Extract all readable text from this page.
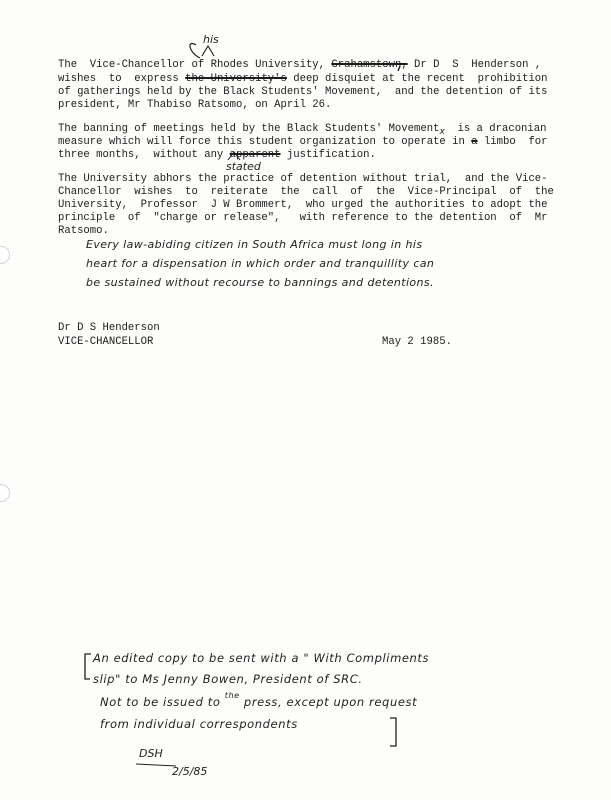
The  Vice-Chancellor of Rhodes University, Grahamstown, Dr D  S  Henderson ,
his
wishes  to  express the University's deep disquiet at the recent  prohibition
of gatherings held by the Black Students' Movement,  and the detention of its
president, Mr Thabiso Ratsomo, on April 26.
The banning of meetings held by the Black Students' Movement$_x$  is a draconian
measure which will force this student organization to operate in a limbo  for
three months,  without any apparent justification.
stated
The University abhors the practice of detention without trial,  and the Vice-
Chancellor  wishes  to  reiterate  the  call  of  the  Vice-Principal  of  the
University,  Professor  J W Brommert,  who urged the authorities to adopt the
principle  of  "charge or release",   with reference to the detention  of  Mr
Ratsomo.
Every law-abiding citizen in South Africa must long in his
heart for a dispensation in which order and tranquillity can
be sustained without recourse to bannings and detentions.
Dr D S Henderson
VICE-CHANCELLOR	May 2 1985.
An edited copy to be sent with a " With Compliments
slip" to Ms Jenny Bowen, President of SRC.
Not to be issued to $^{the}$ press, except upon request
from individual correspondents
DSH
2/5/85
